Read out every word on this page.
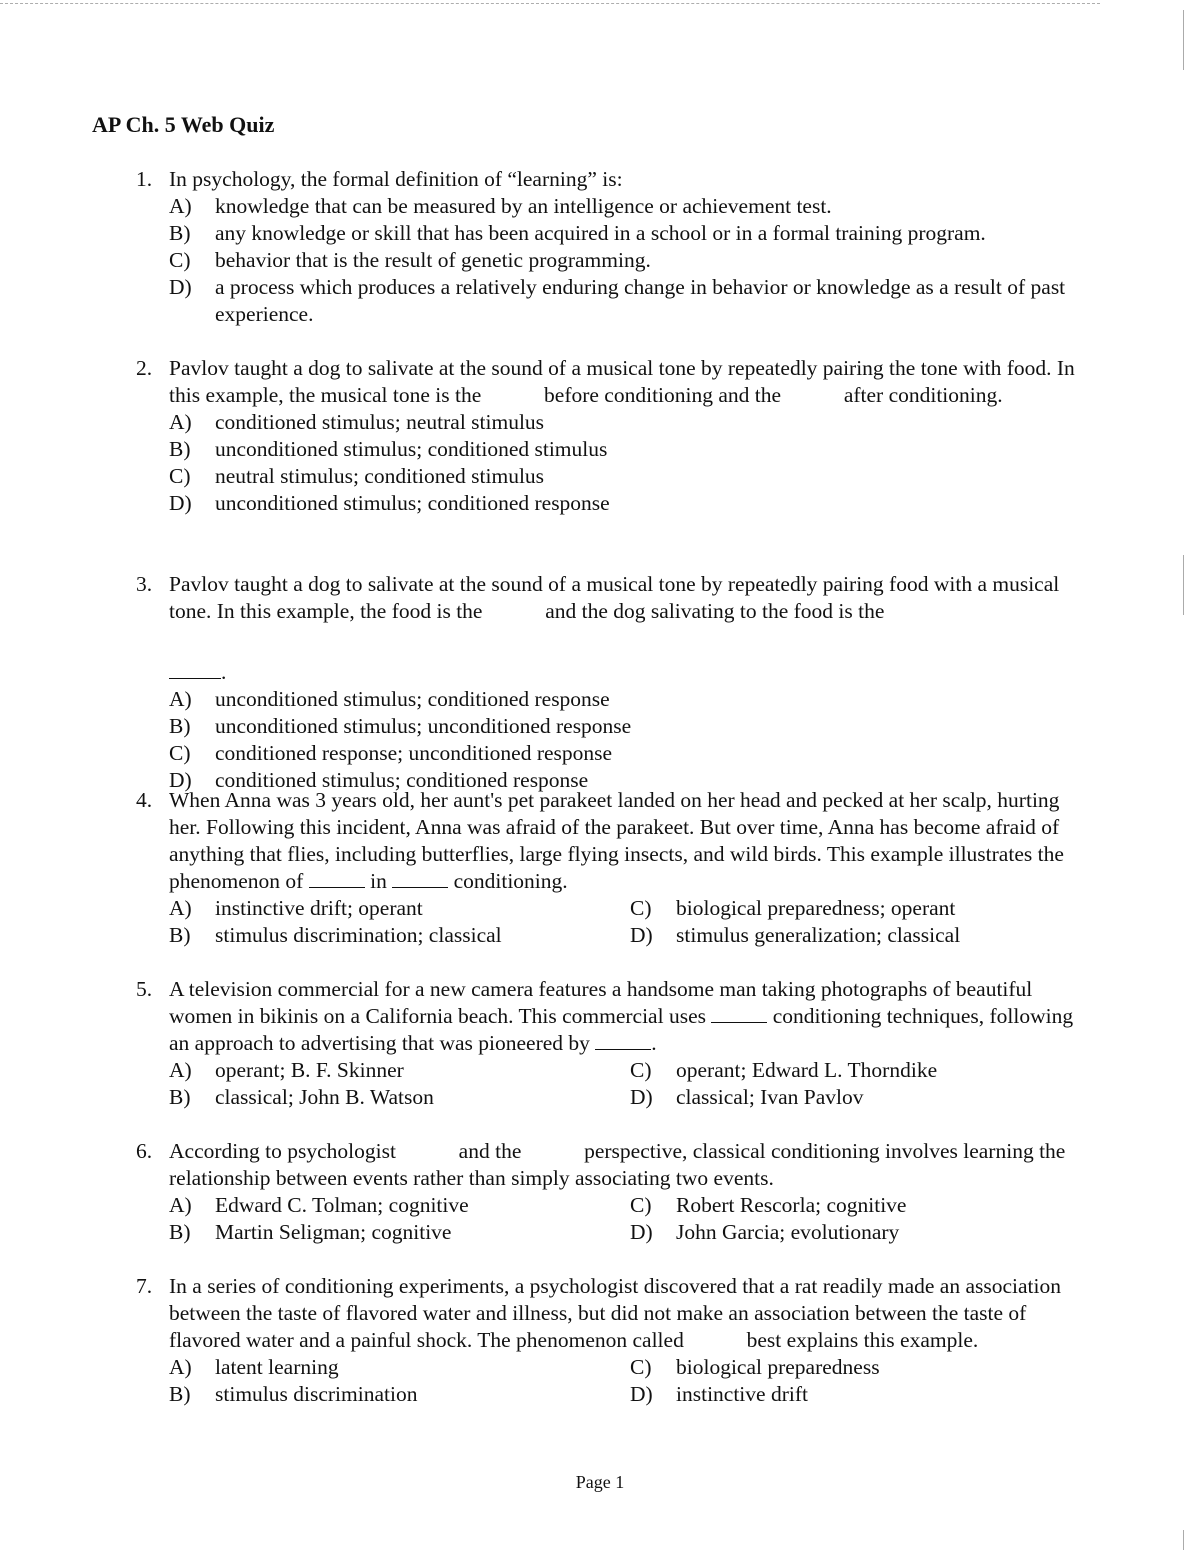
AP Ch. 5 Web Quiz
1. In psychology, the formal definition of “learning” is:
A)	knowledge that can be measured by an intelligence or achievement test.
B)	any knowledge or skill that has been acquired in a school or in a formal training program.
C)	behavior that is the result of genetic programming.
D)	a process which produces a relatively enduring change in behavior or knowledge as a result of past experience.
2. Pavlov taught a dog to salivate at the sound of a musical tone by repeatedly pairing the tone with food. In this example, the musical tone is the	before conditioning and the	after conditioning.
A)	conditioned stimulus; neutral stimulus
B)	unconditioned stimulus; conditioned stimulus
C)	neutral stimulus; conditioned stimulus
D)	unconditioned stimulus; conditioned response
3. Pavlov taught a dog to salivate at the sound of a musical tone by repeatedly pairing food with a musical tone. In this example, the food is the	and the dog salivating to the food is the

.
A)	unconditioned stimulus; conditioned response
B)	unconditioned stimulus; unconditioned response
C)	conditioned response; unconditioned response
D)	conditioned stimulus; conditioned response
4. When Anna was 3 years old, her aunt's pet parakeet landed on her head and pecked at her scalp, hurting her. Following this incident, Anna was afraid of the parakeet. But over time, Anna has become afraid of anything that flies, including butterflies, large flying insects, and wild birds. This example illustrates the phenomenon of	in	conditioning.
A)	instinctive drift; operant	C)	biological preparedness; operant
B)	stimulus discrimination; classical	D)	stimulus generalization; classical
5. A television commercial for a new camera features a handsome man taking photographs of beautiful women in bikinis on a California beach. This commercial uses	conditioning techniques, following an approach to advertising that was pioneered by	.
A)	operant; B. F. Skinner	C)	operant; Edward L. Thorndike
B)	classical; John B. Watson	D)	classical; Ivan Pavlov
6. According to psychologist	and the	perspective, classical conditioning involves learning the relationship between events rather than simply associating two events.
A)	Edward C. Tolman; cognitive	C)	Robert Rescorla; cognitive
B)	Martin Seligman; cognitive	D)	John Garcia; evolutionary
7. In a series of conditioning experiments, a psychologist discovered that a rat readily made an association between the taste of flavored water and illness, but did not make an association between the taste of flavored water and a painful shock. The phenomenon called	best explains this example.
A)	latent learning	C)	biological preparedness
B)	stimulus discrimination	D)	instinctive drift
Page 1
